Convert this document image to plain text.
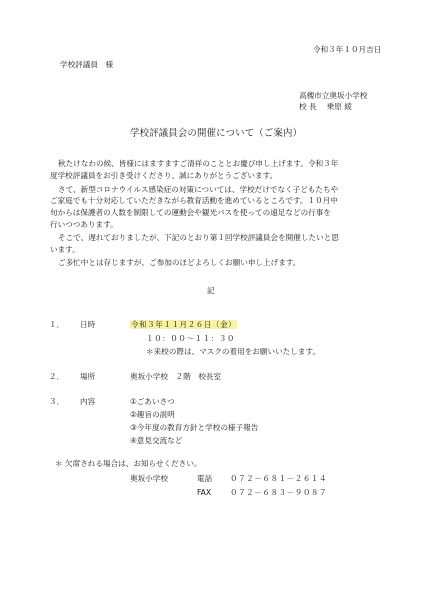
令和３年１０月吉日
学校評議員　様
高槻市立奥坂小学校
校 長　 乗原 綾
学校評議員会の開催について（ご案内）
秋たけなわの候、皆様にはますますご清祥のこととお慶び申し上げます。令和３年
度学校評議員をお引き受けくださり、誠にありがとうございます。
さて、新型コロナウイルス感染症の対策については、学校だけでなく子どもたちや
ご家庭でも十分対応していただきながら教育活動を進めているところです。１０月中
旬からは保護者の人数を制限しての運動会や観光バスを使っての遠足などの行事を
行いつつあります。
そこで、遅れておりましたが、下記のとおり第１回学校評議員会を開催したいと思
います。
ご多忙中とは存じますが、ご参加のほどよろしくお願い申し上げます。
記
１． 日時	令和３年１１月２６日（金）
１０：００～１１：３０
＊来校の際は、マスクの着用をお願いいたします。
２． 場所	奥坂小学校　２階　校長室
３． 内容	①ごあいさつ
②趣旨の説明
③今年度の教育方針と学校の様子報告
④意見交流など
＊ 欠席される場合は、お知らせください。
奥坂小学校	電話 ０７２－６８１－２６１４
FAX ０７２－６８３－９０８７
